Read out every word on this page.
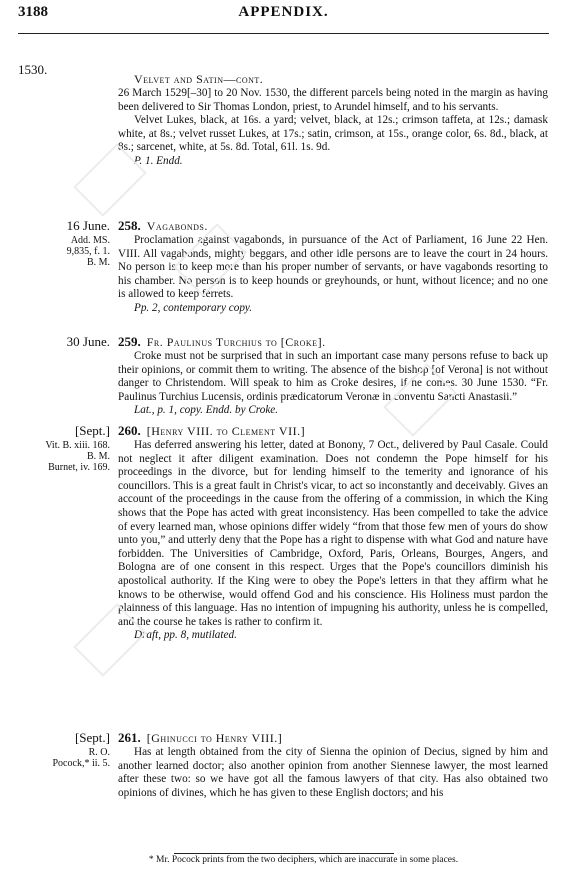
3188	APPENDIX.
1530.

Velvet and Satin—cont.

26 March 1529[–30] to 20 Nov. 1530, the different parcels being noted in the margin as having been delivered to Sir Thomas London, priest, to Arundel himself, and to his servants.

Velvet Lukes, black, at 16s. a yard; velvet, black, at 12s.; crimson taffeta, at 12s.; damask white, at 8s.; velvet russet Lukes, at 17s.; satin, crimson, at 15s., orange color, 6s. 8d., black, at 8s.; sarcenet, white, at 5s. 8d. Total, 61l. 1s. 9d.

P. 1. Endd.

16 June.
Add. MS.
9,835, f. 1.
B. M.

258. Vagabonds.

Proclamation against vagabonds, in pursuance of the Act of Parliament, 16 June 22 Hen. VIII. All vagabonds, mighty beggars, and other idle persons are to leave the court in 24 hours. No person is to keep more than his proper number of servants, or have vagabonds resorting to his chamber. No person is to keep hounds or greyhounds, or hunt, without licence; and no one is allowed to keep ferrets.

Pp. 2, contemporary copy.

30 June. 259. Fr. Paulinus Turchius to [Croke].

Croke must not be surprised that in such an important case many persons refuse to back up their opinions, or commit them to writing. The absence of the bishop [of Verona] is not without danger to Christendom. Will speak to him as Croke desires, if he comes. 30 June 1530. “Fr. Paulinus Turchius Lucensis, ordinis prædicatorum Veronæ in conventu Sancti Anastasii.”

Lat., p. 1, copy. Endd. by Croke.

[Sept.]
Vit. B. xiii. 168.
B. M.
Burnet, iv. 169.

260. [Henry VIII. to Clement VII.]

Has deferred answering his letter, dated at Bonony, 7 Oct., delivered by Paul Casale. Could not neglect it after diligent examination. Does not condemn the Pope himself for his proceedings in the divorce, but for lending himself to the temerity and ignorance of his councillors. This is a great fault in Christ's vicar, to act so inconstantly and deceivably. Gives an account of the proceedings in the cause from the offering of a commission, in which the King shows that the Pope has acted with great inconsistency. Has been compelled to take the advice of every learned man, whose opinions differ widely “from that those few men of yours do show unto you,” and utterly deny that the Pope has a right to dispense with what God and nature have forbidden. The Universities of Cambridge, Oxford, Paris, Orleans, Bourges, Angers, and Bologna are of one consent in this respect. Urges that the Pope's councillors diminish his apostolical authority. If the King were to obey the Pope's letters in that they affirm what he knows to be otherwise, would offend God and his conscience. His Holiness must pardon the plainness of this language. Has no intention of impugning his authority, unless he is compelled, and the course he takes is rather to confirm it.

Draft, pp. 8, mutilated.

[Sept.]
R. O.
Pocock,* ii. 5.

261. [Ghinucci to Henry VIII.]

Has at length obtained from the city of Sienna the opinion of Decius, signed by him and another learned doctor; also another opinion from another Siennese lawyer, the most learned after these two: so we have got all the famous lawyers of that city. Has also obtained two opinions of divines, which he has given to these English doctors; and his

* Mr. Pocock prints from the two deciphers, which are inaccurate in some places.
